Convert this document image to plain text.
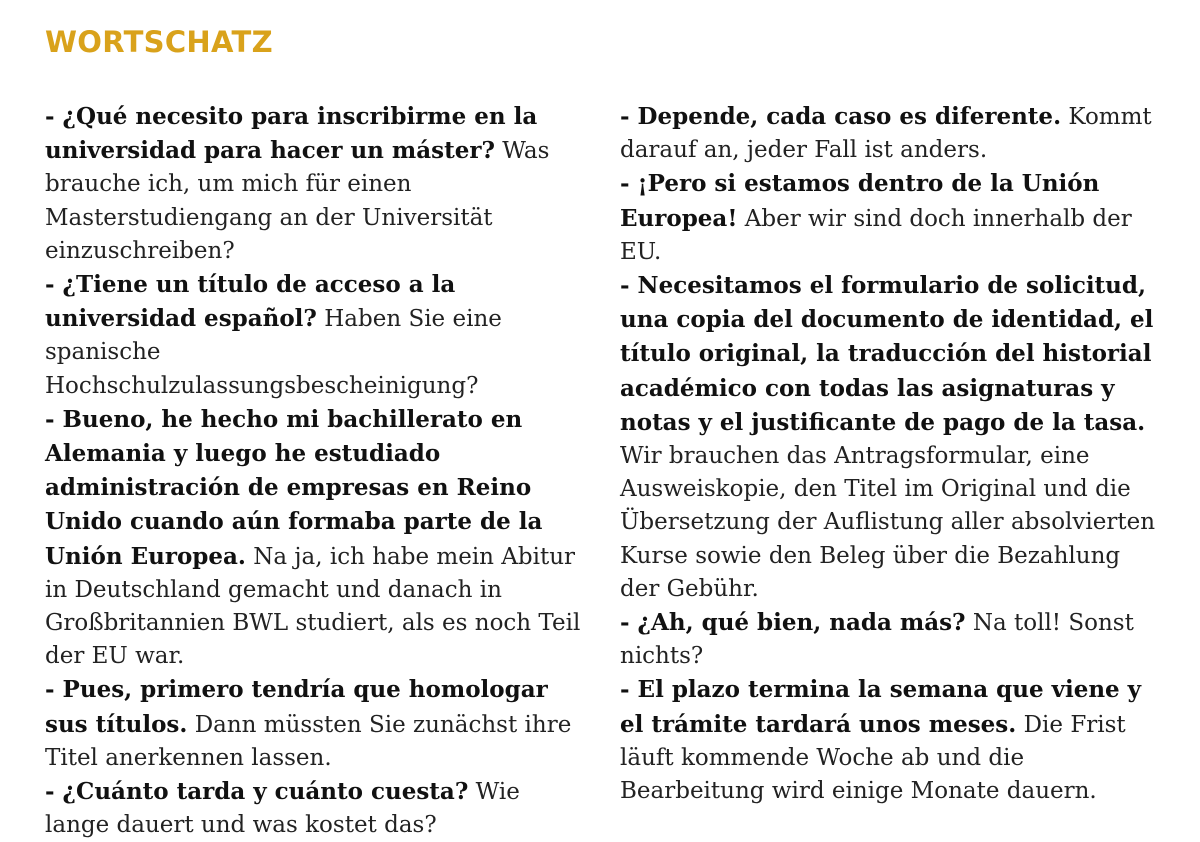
WORTSCHATZ

- ¿Qué necesito para inscribirme en la universidad para hacer un máster? Was brauche ich, um mich für einen Masterstudiengang an der Universität einzuschreiben?

- ¿Tiene un título de acceso a la universidad español? Haben Sie eine spanische Hochschulzulassungsbescheinigung?

- Bueno, he hecho mi bachillerato en Alemania y luego he estudiado administración de empresas en Reino Unido cuando aún formaba parte de la Unión Europea. Na ja, ich habe mein Abitur in Deutschland gemacht und danach in Großbritannien BWL studiert, als es noch Teil der EU war.

- Pues, primero tendría que homologar sus títulos. Dann müssten Sie zunächst ihre Titel anerkennen lassen.

- ¿Cuánto tarda y cuánto cuesta? Wie lange dauert und was kostet das?

- Depende, cada caso es diferente. Kommt darauf an, jeder Fall ist anders.

- ¡Pero si estamos dentro de la Unión Europea! Aber wir sind doch innerhalb der EU.

- Necesitamos el formulario de solicitud, una copia del documento de identidad, el título original, la traducción del historial académico con todas las asignaturas y notas y el justificante de pago de la tasa. Wir brauchen das Antragsformular, eine Ausweiskopie, den Titel im Original und die Übersetzung der Auflistung aller absolvierten Kurse sowie den Beleg über die Bezahlung der Gebühr.

- ¿Ah, qué bien, nada más? Na toll! Sonst nichts?

- El plazo termina la semana que viene y el trámite tardará unos meses. Die Frist läuft kommende Woche ab und die Bearbeitung wird einige Monate dauern.
